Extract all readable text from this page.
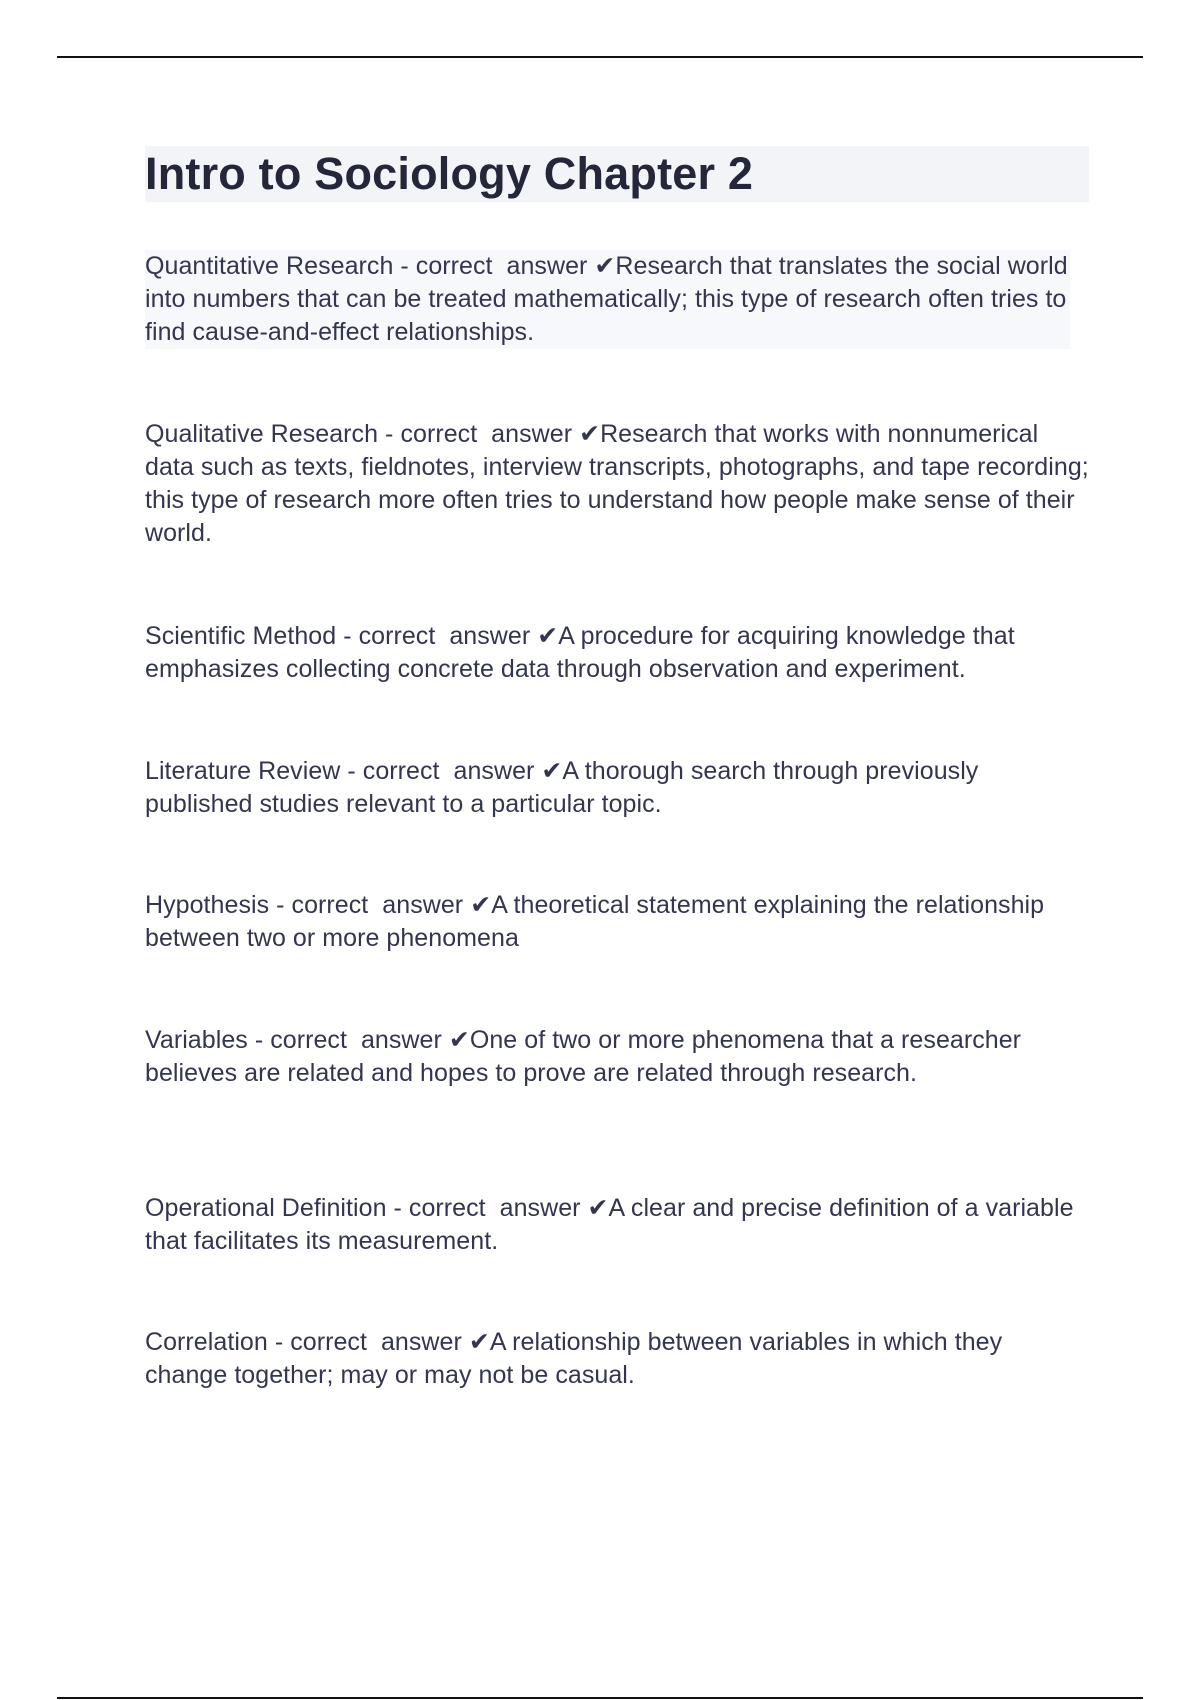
Intro to Sociology Chapter 2

Quantitative Research - correct  answer ✔Research that translates the social world into numbers that can be treated mathematically; this type of research often tries to find cause-and-effect relationships.

Qualitative Research - correct  answer ✔Research that works with nonnumerical data such as texts, fieldnotes, interview transcripts, photographs, and tape recording; this type of research more often tries to understand how people make sense of their world.

Scientific Method - correct  answer ✔A procedure for acquiring knowledge that emphasizes collecting concrete data through observation and experiment.

Literature Review - correct  answer ✔A thorough search through previously published studies relevant to a particular topic.

Hypothesis - correct  answer ✔A theoretical statement explaining the relationship between two or more phenomena

Variables - correct  answer ✔One of two or more phenomena that a researcher believes are related and hopes to prove are related through research.

Operational Definition - correct  answer ✔A clear and precise definition of a variable that facilitates its measurement.

Correlation - correct  answer ✔A relationship between variables in which they change together; may or may not be casual.
